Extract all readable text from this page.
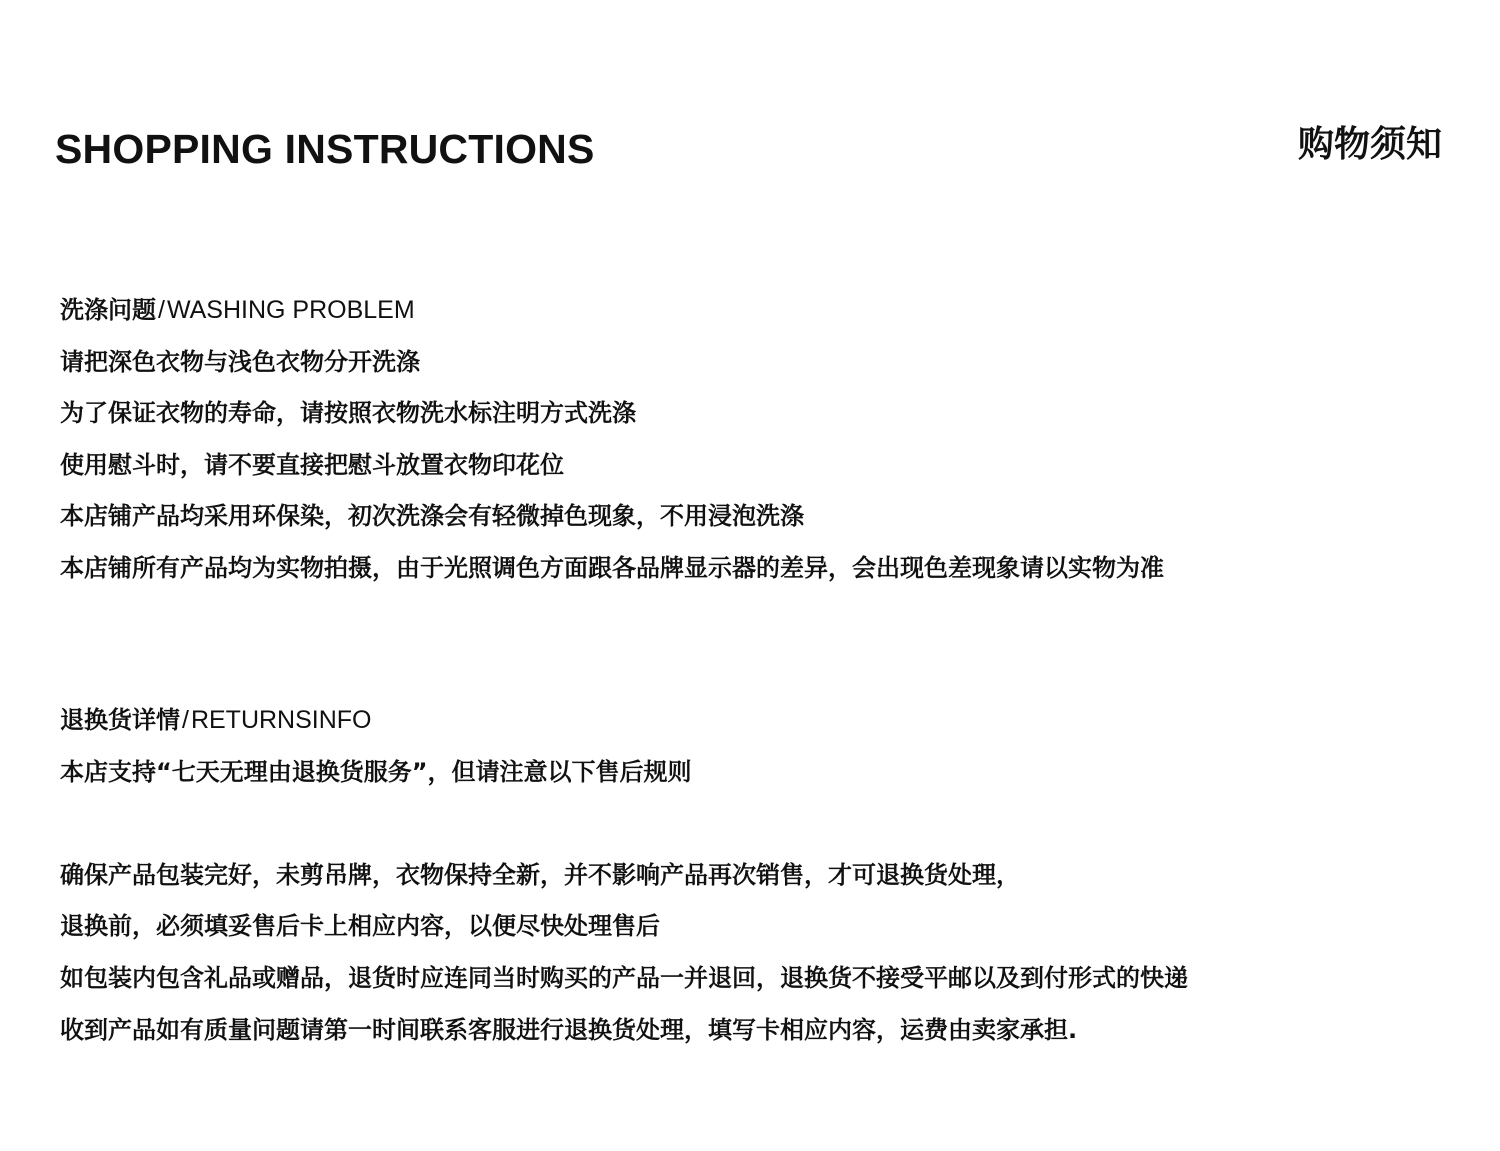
SHOPPING INSTRUCTIONS	购物须知
洗涤问题/WASHING PROBLEM
请把深色衣物与浅色衣物分开洗涤
为了保证衣物的寿命，请按照衣物洗水标注明方式洗涤
使用慰斗时，请不要直接把慰斗放置衣物印花位
本店铺产品均采用环保染，初次洗涤会有轻微掉色现象，不用浸泡洗涤
本店铺所有产品均为实物拍摄，由于光照调色方面跟各品牌显示器的差异，会出现色差现象请以实物为准
退换货详情/RETURNSINFO
本店支持“七天无理由退换货服务”，但请注意以下售后规则
确保产品包装完好，未剪吊牌，衣物保持全新，并不影响产品再次销售，才可退换货处理，
退换前，必须填妥售后卡上相应内容，以便尽快处理售后
如包装内包含礼品或赠品，退货时应连同当时购买的产品一并退回，退换货不接受平邮以及到付形式的快递
收到产品如有质量问题请第一时间联系客服进行退换货处理，填写卡相应内容，运费由卖家承担.
